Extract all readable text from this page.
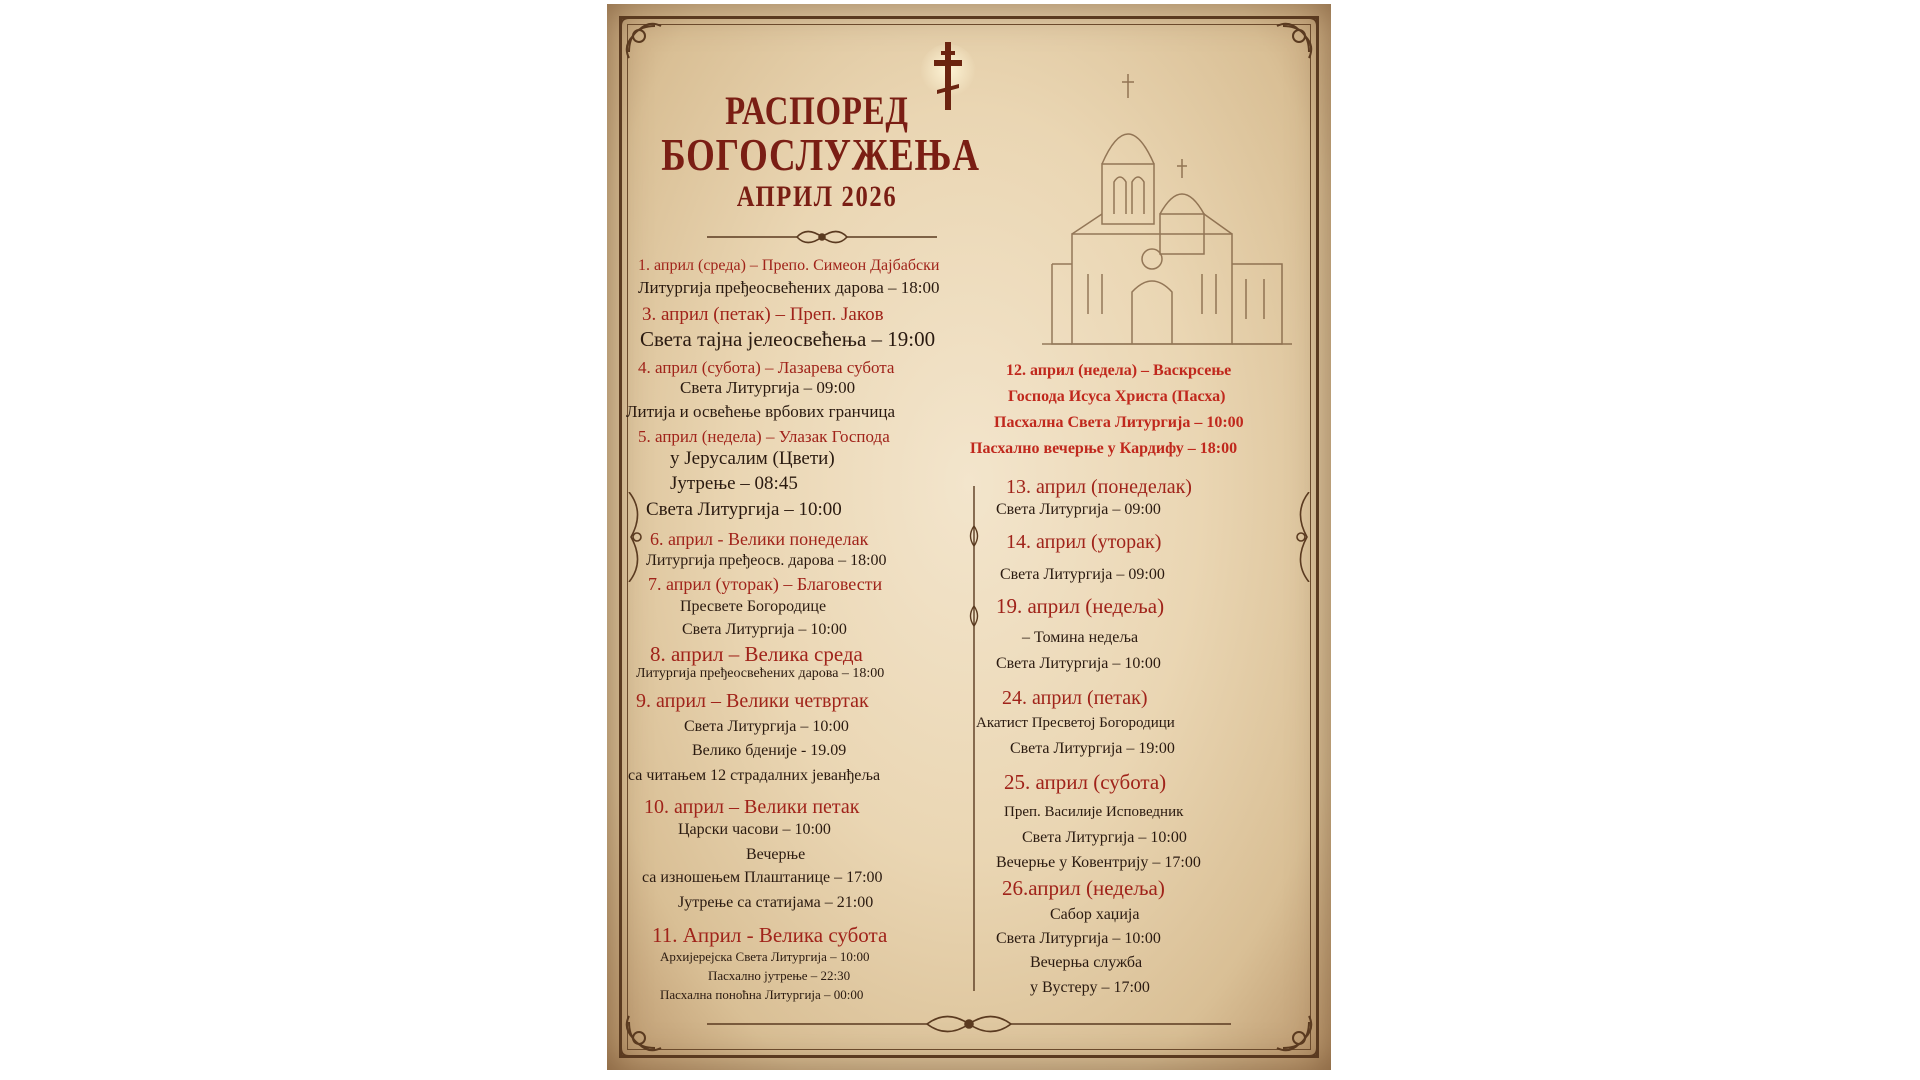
РАСПОРЕД
БОГОСЛУЖЕЊА
АПРИЛ 2026
1. април (среда) – Препо. Симеон Дајбабски
Литургија пређеосвећених дарова – 18:00
3. април (петак) – Преп. Јаков
Света тајна јелеосвећења – 19:00
4. април (субота) – Лазарева субота
Света Литургија – 09:00
Литија и освећење врбових гранчица
5. април (недела) – Улазак Господа
у Јерусалим (Цвети)
Јутрење – 08:45
Света Литургија – 10:00
6. април - Велики понеделак
Литургија пређеосв. дарова – 18:00
7. април (уторак) – Благовести
Пресвете Богородице
Света Литургија – 10:00
8. април – Велика среда
Литургија пређеосвећених дарова – 18:00
9. април – Велики четвртак
Света Литургија – 10:00
Велико бденије - 19.09
са читањем 12 страдалних јеванђеља
10. април – Велики петак
Царски часови – 10:00
Вечерње
са изношењем Плаштанице – 17:00
Јутрење са статијама – 21:00
11. Април - Велика субота
Архијерејска Света Литургија – 10:00
Пасхално јутрење – 22:30
Пасхална поноћна Литургија – 00:00
12. април (недела) – Васкрсење
Господа Исуса Христа (Пасха)
Пасхална Света Литургија – 10:00
Пасхално вечерње у Кардифу – 18:00
13. април (понеделак)
Света Литургија – 09:00
14. април (уторак)
Света Литургија – 09:00
19. април (недеља)
– Томина недеља
Света Литургија – 10:00
24. април (петак)
Акатист Пресветој Богородици
Света Литургија – 19:00
25. април (субота)
Преп. Василије Исповедник
Света Литургија – 10:00
Вечерње у Ковентрију – 17:00
26.април (недеља)
Сабор хаџија
Света Литургија – 10:00
Вечерња служба
у Вустеру – 17:00
